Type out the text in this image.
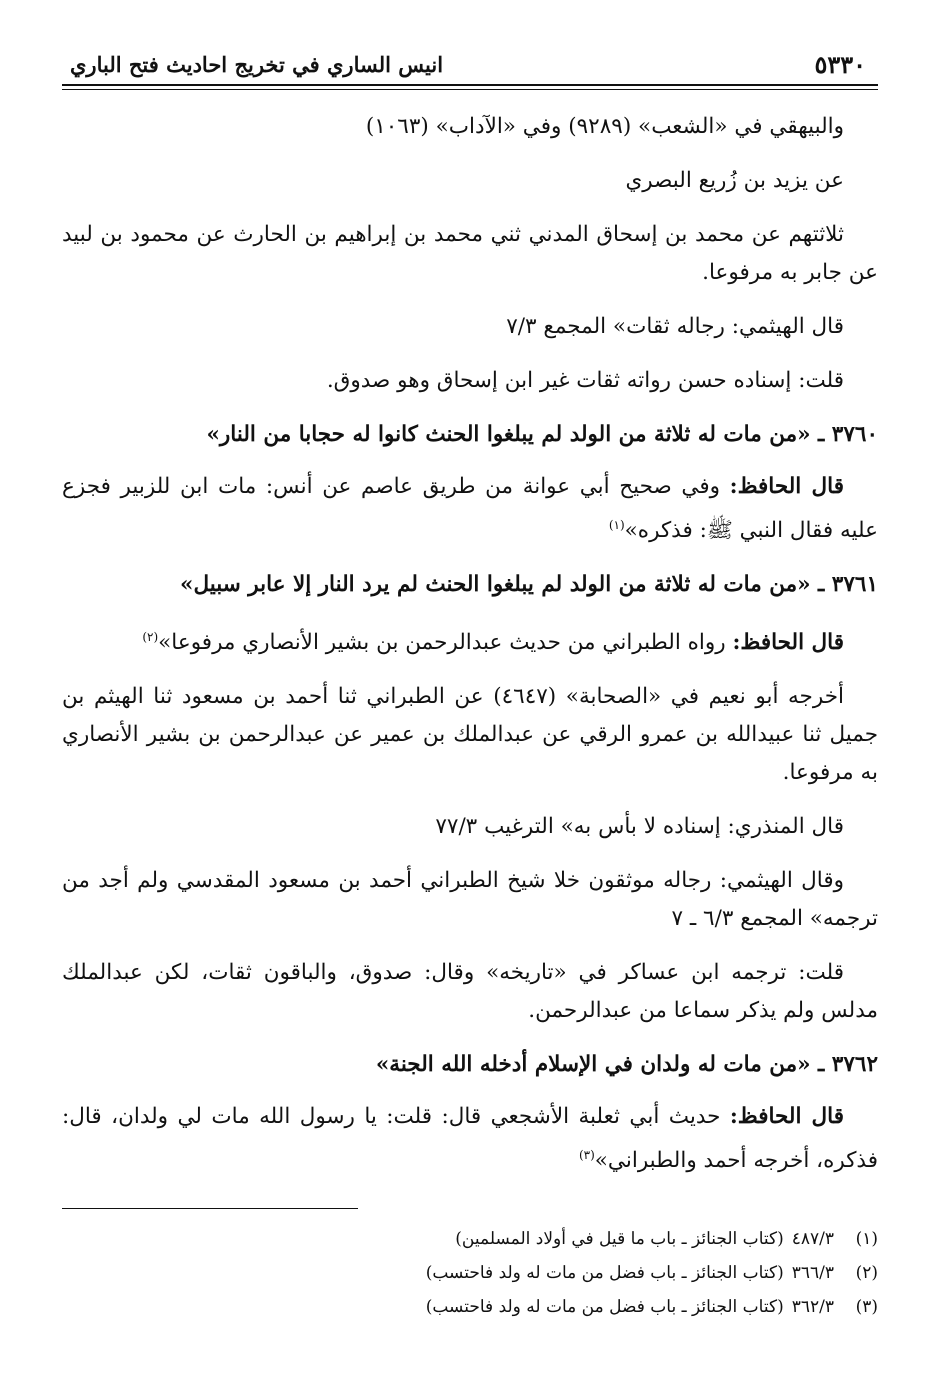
٥٣٣٠
انيس الساري في تخريج احاديث فتح الباري

والبيهقي في «الشعب» (٩٢٨٩) وفي «الآداب» (١٠٦٣)

عن يزيد بن زُريع البصري

ثلاثتهم عن محمد بن إسحاق المدني ثني محمد بن إبراهيم بن الحارث عن محمود بن لبيد عن جابر به مرفوعا.

قال الهيثمي: رجاله ثقات» المجمع ٧/٣

قلت: إسناده حسن رواته ثقات غير ابن إسحاق وهو صدوق.

٣٧٦٠ ـ «من مات له ثلاثة من الولد لم يبلغوا الحنث كانوا له حجابا من النار»

قال الحافظ: وفي صحيح أبي عوانة من طريق عاصم عن أنس: مات ابن للزبير فجزع عليه فقال النبي ﷺ: فذكره»$^{(١)}$

٣٧٦١ ـ «من مات له ثلاثة من الولد لم يبلغوا الحنث لم يرد النار إلا عابر سبيل»

قال الحافظ: رواه الطبراني من حديث عبدالرحمن بن بشير الأنصاري مرفوعا»$^{(٢)}$

أخرجه أبو نعيم في «الصحابة» (٤٦٤٧) عن الطبراني ثنا أحمد بن مسعود ثنا الهيثم بن جميل ثنا عبيدالله بن عمرو الرقي عن عبدالملك بن عمير عن عبدالرحمن بن بشير الأنصاري به مرفوعا.

قال المنذري: إسناده لا بأس به» الترغيب ٧٧/٣

وقال الهيثمي: رجاله موثقون خلا شيخ الطبراني أحمد بن مسعود المقدسي ولم أجد من ترجمه» المجمع ٦/٣ ـ ٧

قلت: ترجمه ابن عساكر في «تاريخه» وقال: صدوق، والباقون ثقات، لكن عبدالملك مدلس ولم يذكر سماعا من عبدالرحمن.

٣٧٦٢ ـ «من مات له ولدان في الإسلام أدخله الله الجنة»

قال الحافظ: حديث أبي ثعلبة الأشجعي قال: قلت: يا رسول الله مات لي ولدان، قال: فذكره، أخرجه أحمد والطبراني»$^{(٣)}$

(١)٤٨٧/٣(كتاب الجنائز ـ باب ما قيل في أولاد المسلمين)
(٢)٣٦٦/٣(كتاب الجنائز ـ باب فضل من مات له ولد فاحتسب)
(٣)٣٦٢/٣(كتاب الجنائز ـ باب فضل من مات له ولد فاحتسب)
